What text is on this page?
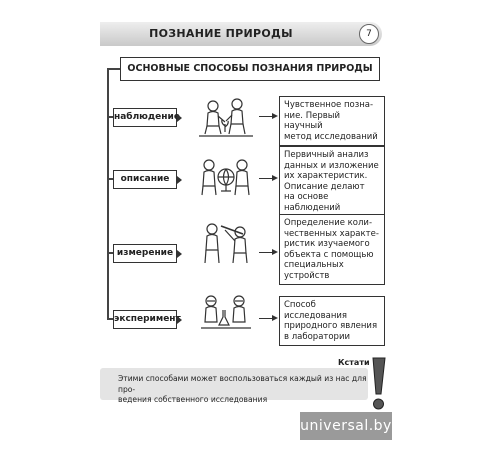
ПОЗНАНИЕ ПРИРОДЫ	7
ОСНОВНЫЕ СПОСОБЫ ПОЗНАНИЯ ПРИРОДЫ
наблюдение
Чувственное позна-
ние. Первый научный
метод исследований
описание
Первичный анализ
данных и изложение
их характеристик.
Описание делают
на основе наблюдений
измерение
Определение коли-
чественных характе-
ристик изучаемого
объекта с помощью
специальных
устройств
эксперимент
Способ исследования
природного явления
в лаборатории
Кстати
Этими способами может воспользоваться каждый из нас для про-
ведения собственного исследования
universal.by
